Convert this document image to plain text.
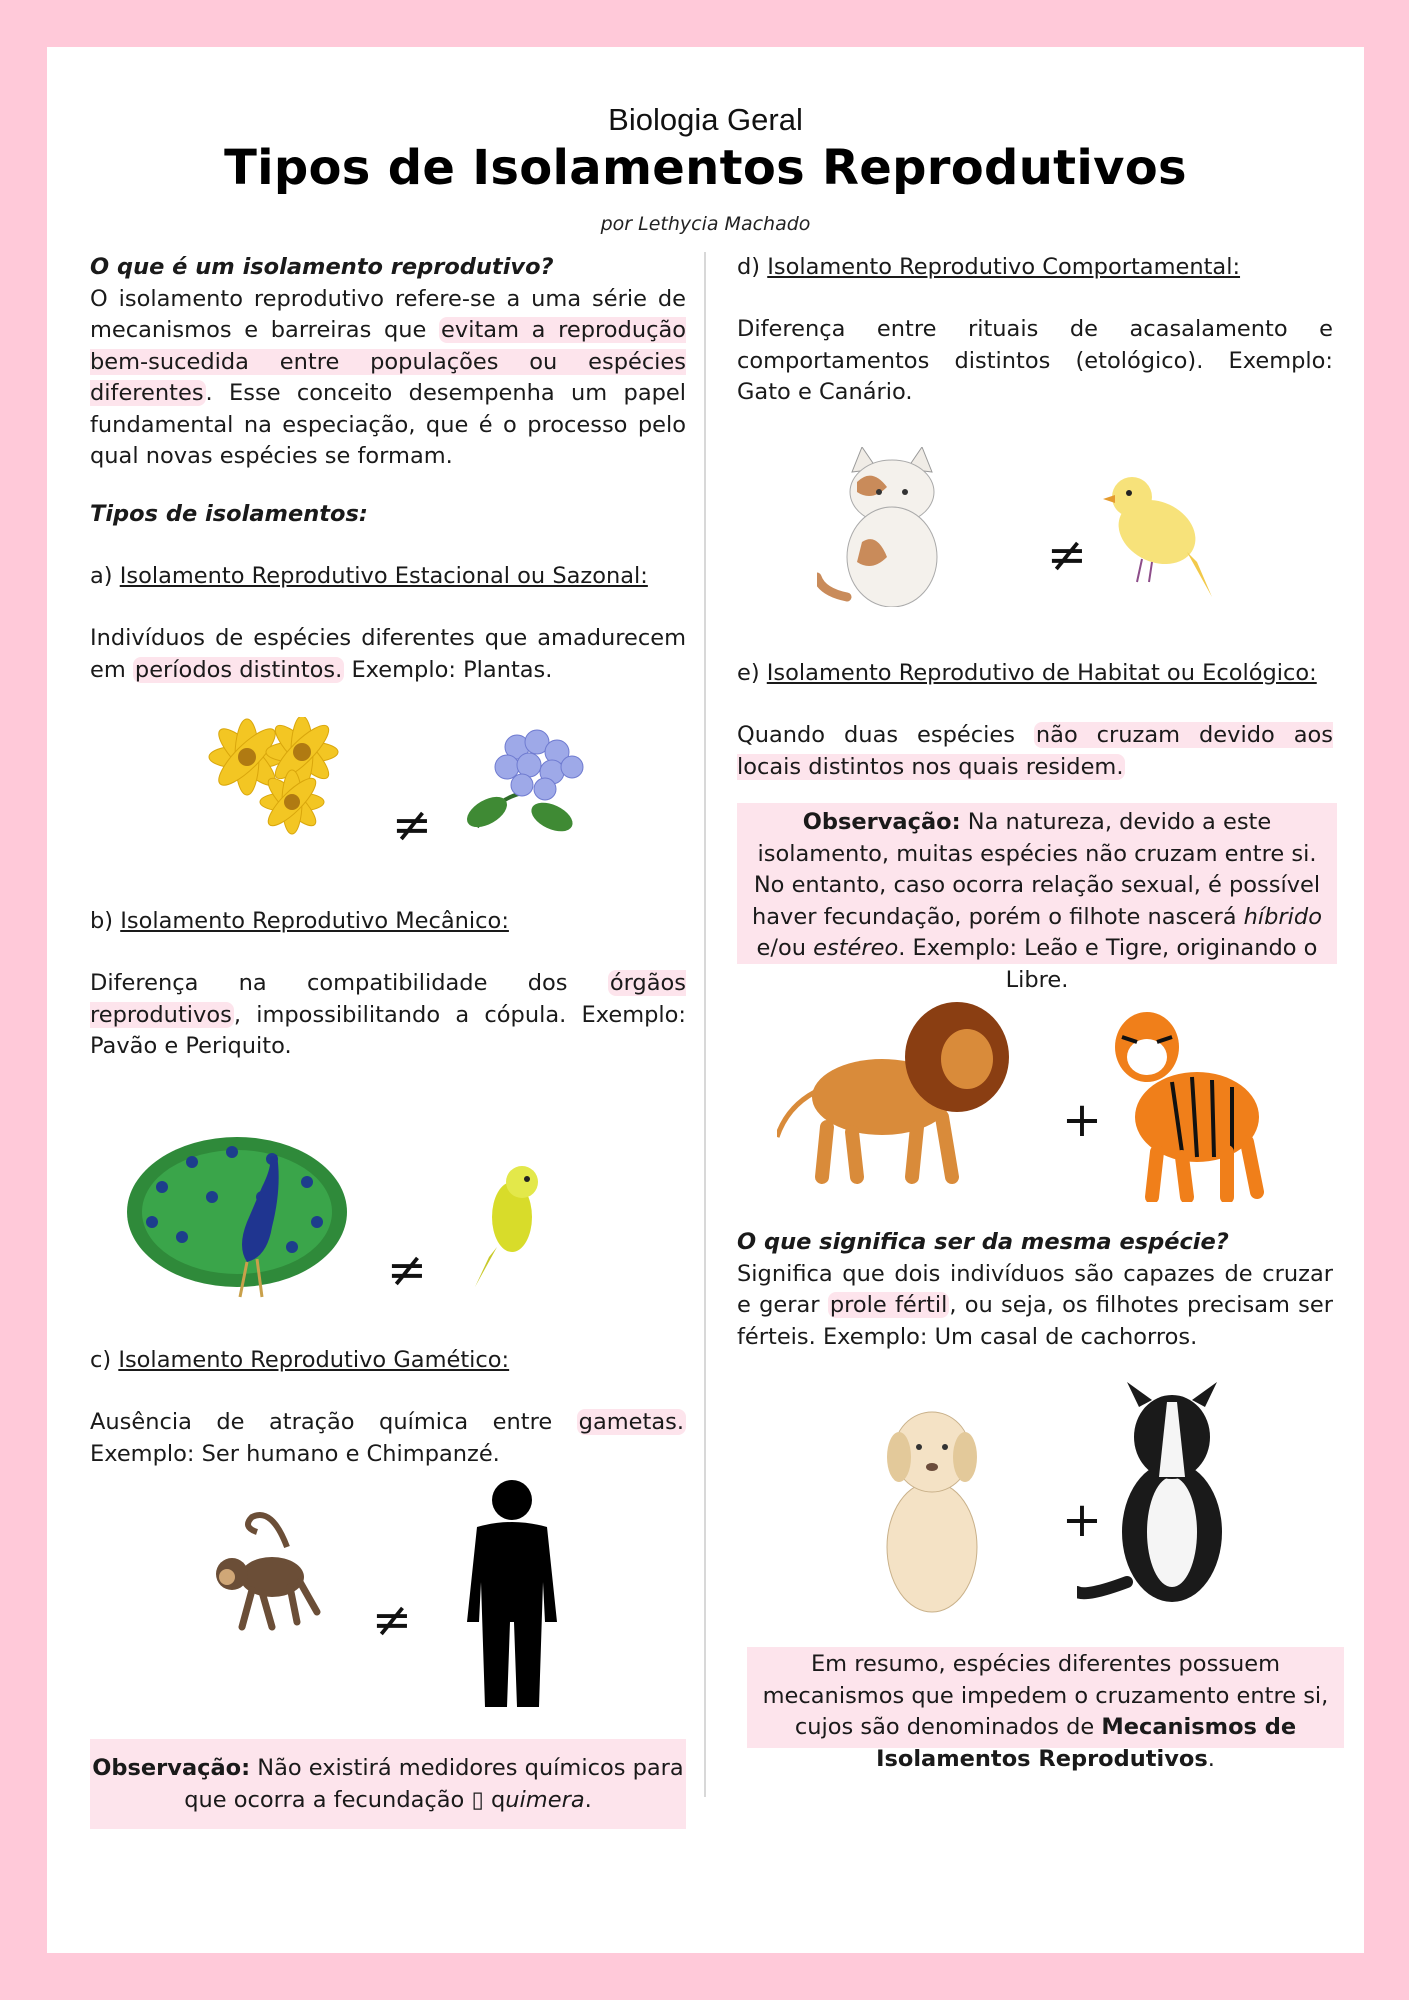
Biologia Geral
Tipos de Isolamentos Reprodutivos
por Lethycia Machado
O que é um isolamento reprodutivo?
O isolamento reprodutivo refere-se a uma série de mecanismos e barreiras que evitam a reprodução bem-sucedida entre populações ou espécies diferentes. Esse conceito desempenha um papel fundamental na especiação, que é o processo pelo qual novas espécies se formam.
Tipos de isolamentos:
a) Isolamento Reprodutivo Estacional ou Sazonal:
Indivíduos de espécies diferentes que amadurecem em períodos distintos. Exemplo: Plantas.
≠
b) Isolamento Reprodutivo Mecânico:
Diferença na compatibilidade dos órgãos reprodutivos, impossibilitando a cópula. Exemplo: Pavão e Periquito.
≠
c) Isolamento Reprodutivo Gamético:
Ausência de atração química entre gametas. Exemplo: Ser humano e Chimpanzé.
≠
Observação: Não existirá medidores químicos para que ocorra a fecundação ▯ quimera.
d) Isolamento Reprodutivo Comportamental:
Diferença entre rituais de acasalamento e comportamentos distintos (etológico). Exemplo: Gato e Canário.
≠
e) Isolamento Reprodutivo de Habitat ou Ecológico:
Quando duas espécies não cruzam devido aos locais distintos nos quais residem.
Observação: Na natureza, devido a este isolamento, muitas espécies não cruzam entre si. No entanto, caso ocorra relação sexual, é possível haver fecundação, porém o filhote nascerá híbrido e/ou estéreo. Exemplo: Leão e Tigre, originando o Libre.
+
O que significa ser da mesma espécie?
Significa que dois indivíduos são capazes de cruzar e gerar prole fértil, ou seja, os filhotes precisam ser férteis. Exemplo: Um casal de cachorros.
+
Em resumo, espécies diferentes possuem mecanismos que impedem o cruzamento entre si, cujos são denominados de Mecanismos de Isolamentos Reprodutivos.
